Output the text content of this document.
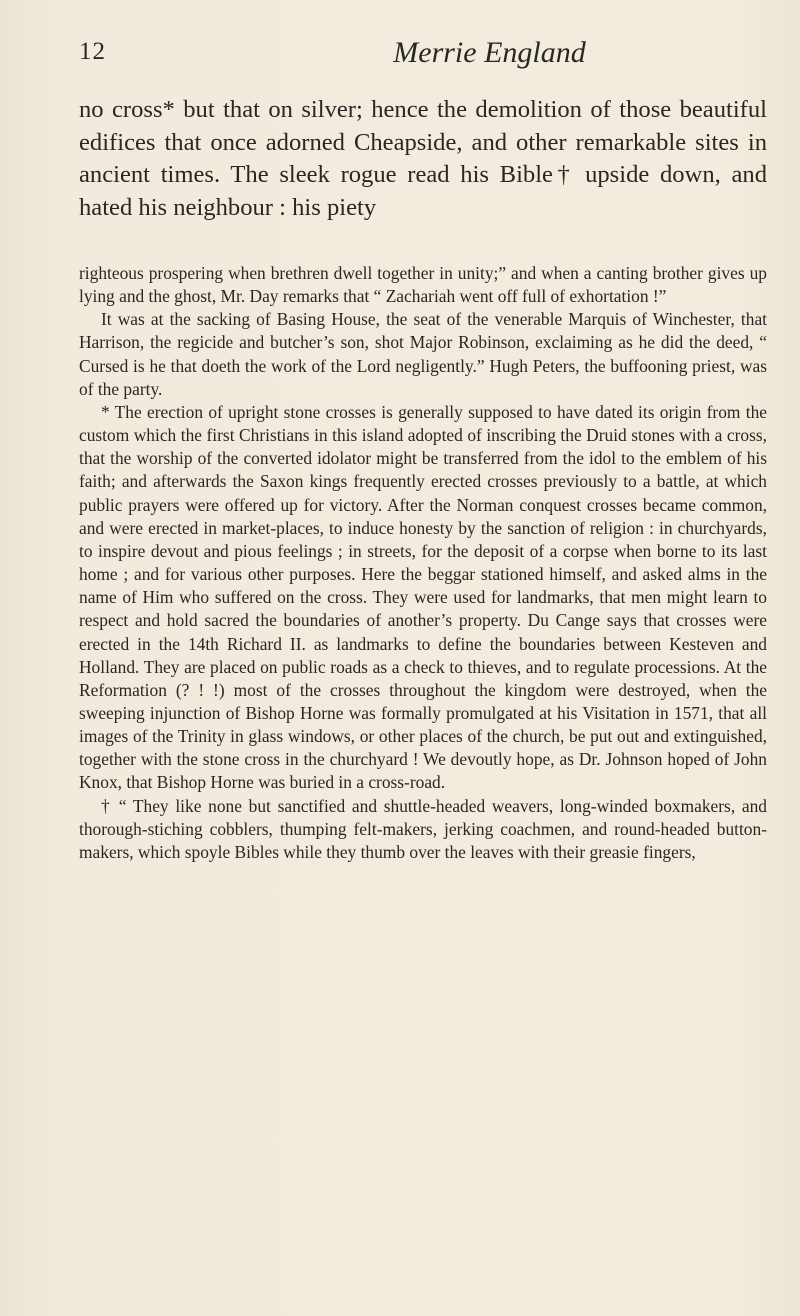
12	Merrie England

no cross* but that on silver; hence the demolition of those beautiful edifices that once adorned Cheapside, and other remarkable sites in ancient times. The sleek rogue read his Bible† upside down, and hated his neighbour : his piety

righteous prospering when brethren dwell together in unity;” and when a canting brother gives up lying and the ghost, Mr. Day remarks that “ Zachariah went off full of exhortation !”

It was at the sacking of Basing House, the seat of the venerable Marquis of Winchester, that Harrison, the regicide and butcher’s son, shot Major Robinson, exclaiming as he did the deed, “ Cursed is he that doeth the work of the Lord negligently.” Hugh Peters, the buffooning priest, was of the party.

* The erection of upright stone crosses is generally supposed to have dated its origin from the custom which the first Christians in this island adopted of inscribing the Druid stones with a cross, that the worship of the converted idolator might be transferred from the idol to the emblem of his faith; and afterwards the Saxon kings frequently erected crosses previously to a battle, at which public prayers were offered up for victory. After the Norman conquest crosses became common, and were erected in market-places, to induce honesty by the sanction of religion : in churchyards, to inspire devout and pious feelings ; in streets, for the deposit of a corpse when borne to its last home ; and for various other purposes. Here the beggar stationed himself, and asked alms in the name of Him who suffered on the cross. They were used for landmarks, that men might learn to respect and hold sacred the boundaries of another’s property. Du Cange says that crosses were erected in the 14th Richard II. as landmarks to define the boundaries between Kesteven and Holland. They are placed on public roads as a check to thieves, and to regulate processions. At the Reformation (? ! !) most of the crosses throughout the kingdom were destroyed, when the sweeping injunction of Bishop Horne was formally promulgated at his Visitation in 1571, that all images of the Trinity in glass windows, or other places of the church, be put out and extinguished, together with the stone cross in the churchyard ! We devoutly hope, as Dr. Johnson hoped of John Knox, that Bishop Horne was buried in a cross-road.

† “ They like none but sanctified and shuttle-headed weavers, long-winded boxmakers, and thorough-stiching cobblers, thumping felt-makers, jerking coachmen, and round-headed button-makers, which spoyle Bibles while they thumb over the leaves with their greasie fingers,
